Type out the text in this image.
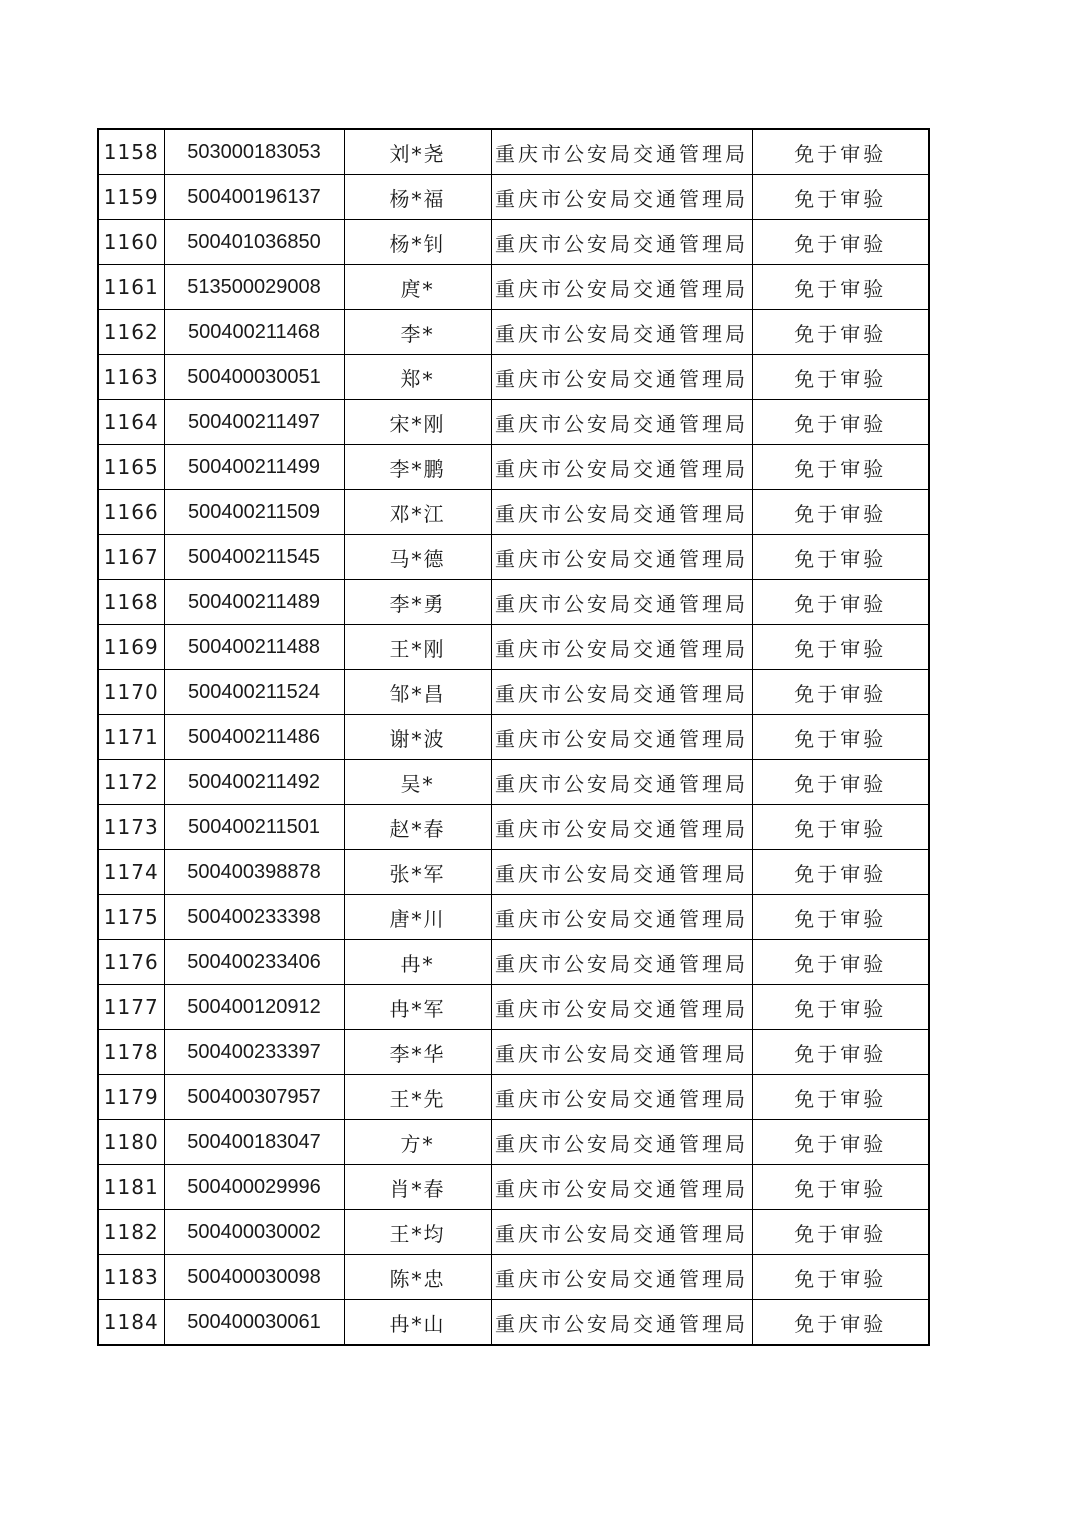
1158	503000183053	刘*尧	重庆市公安局交通管理局	免于审验
1159	500400196137	杨*福	重庆市公安局交通管理局	免于审验
1160	500401036850	杨*钊	重庆市公安局交通管理局	免于审验
1161	513500029008	庹*	重庆市公安局交通管理局	免于审验
1162	500400211468	李*	重庆市公安局交通管理局	免于审验
1163	500400030051	郑*	重庆市公安局交通管理局	免于审验
1164	500400211497	宋*刚	重庆市公安局交通管理局	免于审验
1165	500400211499	李*鹏	重庆市公安局交通管理局	免于审验
1166	500400211509	邓*江	重庆市公安局交通管理局	免于审验
1167	500400211545	马*德	重庆市公安局交通管理局	免于审验
1168	500400211489	李*勇	重庆市公安局交通管理局	免于审验
1169	500400211488	王*刚	重庆市公安局交通管理局	免于审验
1170	500400211524	邹*昌	重庆市公安局交通管理局	免于审验
1171	500400211486	谢*波	重庆市公安局交通管理局	免于审验
1172	500400211492	吴*	重庆市公安局交通管理局	免于审验
1173	500400211501	赵*春	重庆市公安局交通管理局	免于审验
1174	500400398878	张*军	重庆市公安局交通管理局	免于审验
1175	500400233398	唐*川	重庆市公安局交通管理局	免于审验
1176	500400233406	冉*	重庆市公安局交通管理局	免于审验
1177	500400120912	冉*军	重庆市公安局交通管理局	免于审验
1178	500400233397	李*华	重庆市公安局交通管理局	免于审验
1179	500400307957	王*先	重庆市公安局交通管理局	免于审验
1180	500400183047	方*	重庆市公安局交通管理局	免于审验
1181	500400029996	肖*春	重庆市公安局交通管理局	免于审验
1182	500400030002	王*均	重庆市公安局交通管理局	免于审验
1183	500400030098	陈*忠	重庆市公安局交通管理局	免于审验
1184	500400030061	冉*山	重庆市公安局交通管理局	免于审验
